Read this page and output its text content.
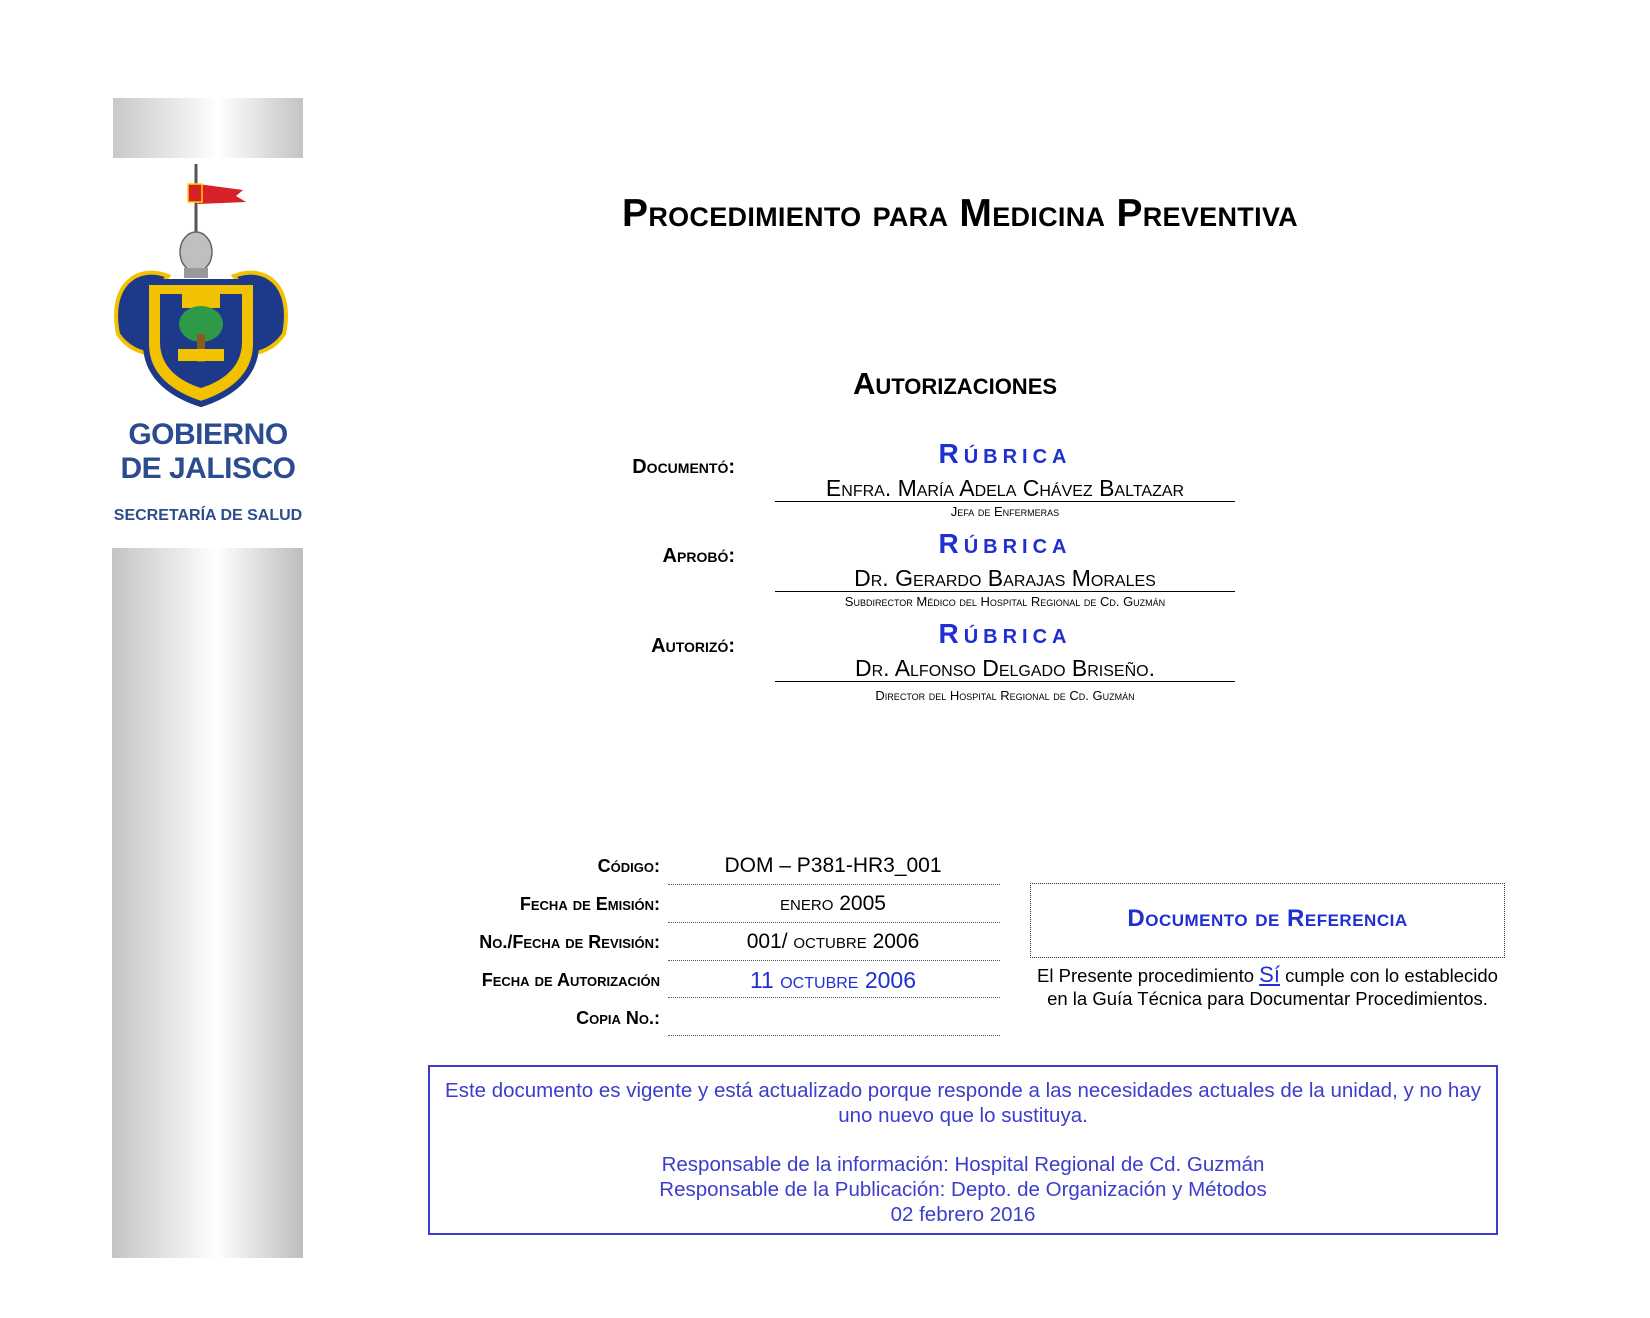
GOBIERNO
DE JALISCO
SECRETARÍA DE SALUD
Procedimiento para Medicina Preventiva
Autorizaciones
Documentó:	Rúbrica
Enfra. María Adela Chávez Baltazar
Jefa de Enfermeras
Aprobó:	Rúbrica
Dr. Gerardo Barajas Morales
Subdirector Médico del Hospital Regional de Cd. Guzmán
Autorizó:	Rúbrica
Dr. Alfonso Delgado Briseño.
Director del Hospital Regional de Cd. Guzmán
Código:	DOM – P381-HR3_001
Fecha de Emisión:	enero 2005
No./Fecha de Revisión:	001/ octubre 2006
Fecha de Autorización	11 octubre 2006
Copia No.:
Documento de Referencia
El Presente procedimiento Sí cumple con lo establecido en la Guía Técnica para Documentar Procedimientos.
Este documento es vigente y está actualizado porque responde a las necesidades actuales de la unidad, y no hay uno nuevo que lo sustituya.
Responsable de la información: Hospital Regional de Cd. Guzmán
Responsable de la Publicación: Depto. de Organización y Métodos
02 febrero 2016
